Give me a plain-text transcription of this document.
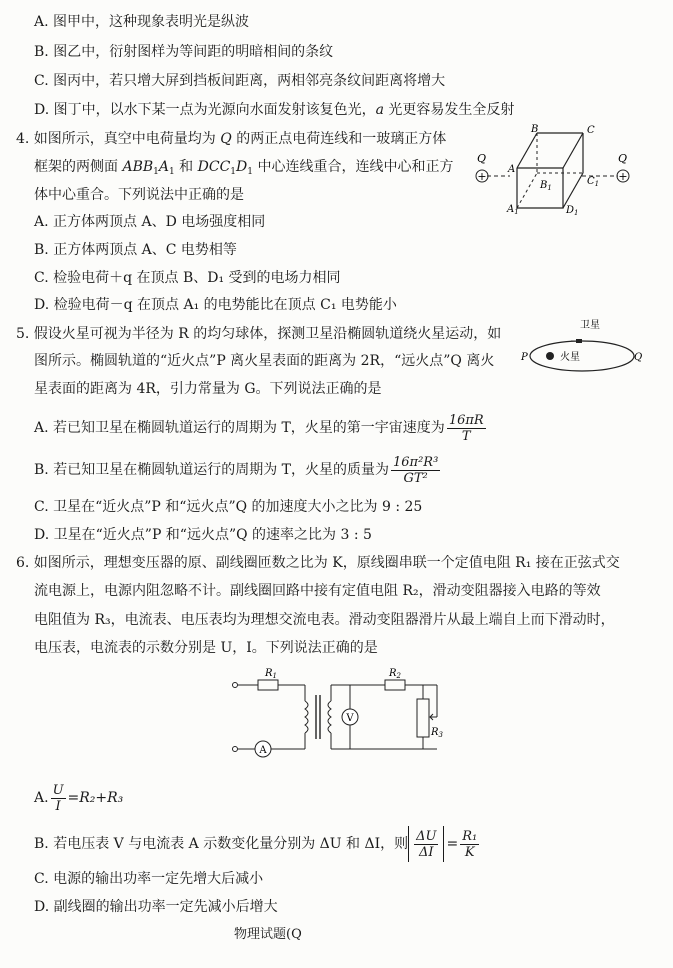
A. 图甲中，这种现象表明光是纵波
B. 图乙中，衍射图样为等间距的明暗相间的条纹
C. 图丙中，若只增大屏到挡板间距离，两相邻亮条纹间距离将增大
D. 图丁中，以水下某一点为光源向水面发射该复色光，a 光更容易发生全反射
4. 如图所示，真空中电荷量均为 Q 的两正点电荷连线和一玻璃正方体
框架的两侧面 $ABB_1A_1$ 和 $DCC_1D_1$ 中心连线重合，连线中心和正方
体中心重合。下列说法中正确的是
A. 正方体两顶点 A、D 电场强度相同
B. 正方体两顶点 A、C 电势相等
C. 检验电荷＋q 在顶点 B、D₁ 受到的电场力相同
D. 检验电荷－q 在顶点 A₁ 的电势能比在顶点 C₁ 电势能小
+	+
Q	Q
B	C
A
$B_1$
$C_1$
$A_1$	$D_1$
5. 假设火星可视为半径为 R 的均匀球体，探测卫星沿椭圆轨道绕火星运动，如
图所示。椭圆轨道的“近火点”P 离火星表面的距离为 2R，“远火点”Q 离火
星表面的距离为 4R，引力常量为 G。下列说法正确的是
A. 若已知卫星在椭圆轨道运行的周期为 T，火星的第一宇宙速度为 $\frac{16\pi R}{T}$
B. 若已知卫星在椭圆轨道运行的周期为 T，火星的质量为 $\frac{\text{16π²R³}}{\text{GT²}}$
C. 卫星在“近火点”P 和“远火点”Q 的加速度大小之比为 9 : 25
D. 卫星在“近火点”P 和“远火点”Q 的速率之比为 3 : 5
火星
卫星
P	Q
6. 如图所示，理想变压器的原、副线圈匝数之比为 K，原线圈串联一个定值电阻 R₁ 接在正弦式交
流电源上，电源内阻忽略不计。副线圈回路中接有定值电阻 R₂，滑动变阻器接入电路的等效
电阻值为 R₃，电流表、电压表均为理想交流电表。滑动变阻器滑片从最上端自上而下滑动时，
电压表，电流表的示数分别是 U，I。下列说法正确的是
A
V
$R_1$	$R_2$
$R_3$
A. $\frac{U}{I} =R_2+R_3$
B. 若电压表 V 与电流表 A 示数变化量分别为 ΔU 和 ΔI，则 $\frac{\Delta U}{\Delta I} = \frac{\text{R₁}}{K}$
C. 电源的输出功率一定先增大后减小
D. 副线圈的输出功率一定先减小后增大
物理试题(Q
